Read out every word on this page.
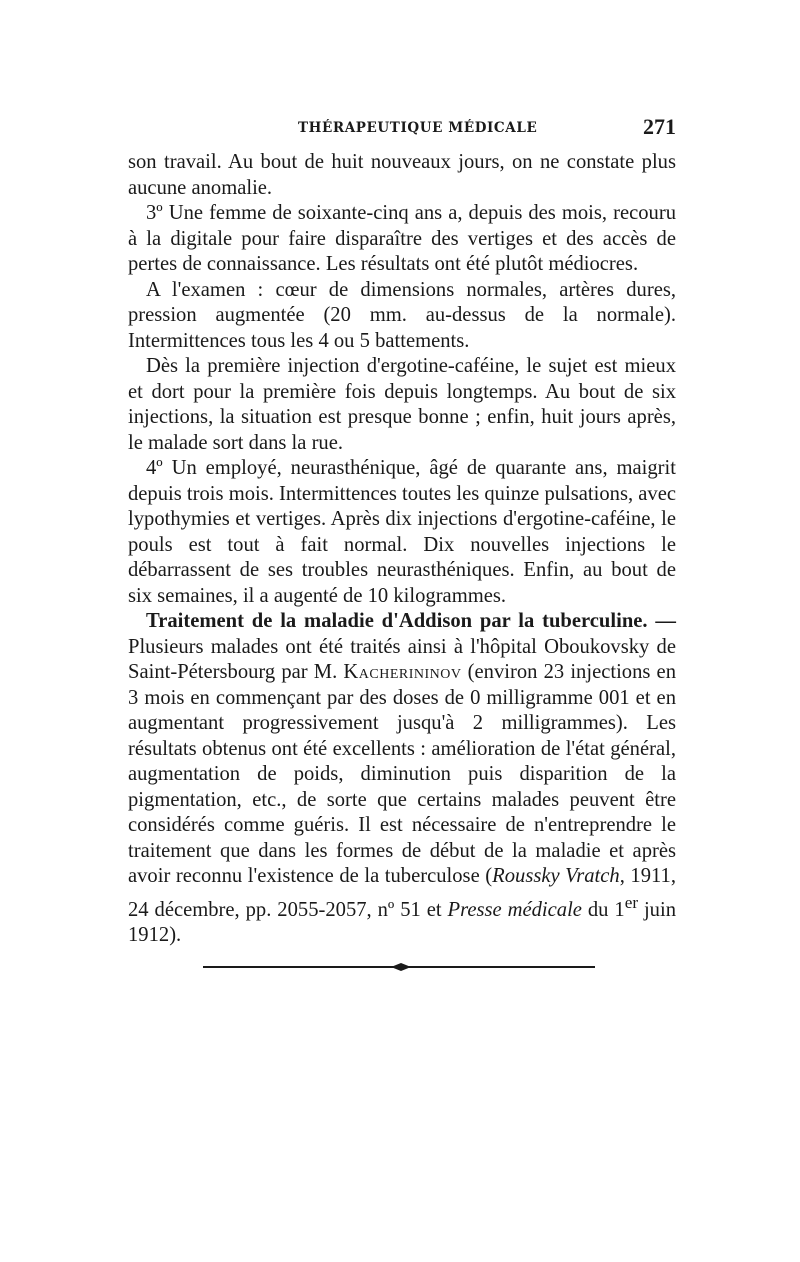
THÉRAPEUTIQUE MÉDICALE	271

son travail. Au bout de huit nouveaux jours, on ne constate plus aucune anomalie.

3º Une femme de soixante-cinq ans a, depuis des mois, recouru à la digitale pour faire disparaître des vertiges et des accès de pertes de connaissance. Les résultats ont été plutôt médiocres.

A l'examen : cœur de dimensions normales, artères dures, pression augmentée (20 mm. au-dessus de la normale). Intermittences tous les 4 ou 5 battements.

Dès la première injection d'ergotine-caféine, le sujet est mieux et dort pour la première fois depuis longtemps. Au bout de six injections, la situation est presque bonne ; enfin, huit jours après, le malade sort dans la rue.

4º Un employé, neurasthénique, âgé de quarante ans, maigrit depuis trois mois. Intermittences toutes les quinze pulsations, avec lypothymies et vertiges. Après dix injections d'ergotine-caféine, le pouls est tout à fait normal. Dix nouvelles injections le débarrassent de ses troubles neurasthéniques. Enfin, au bout de six semaines, il a augenté de 10 kilogrammes.

Traitement de la maladie d'Addison par la tuberculine. — Plusieurs malades ont été traités ainsi à l'hôpital Oboukovsky de Saint-Pétersbourg par M. Kacherininov (environ 23 injections en 3 mois en commençant par des doses de 0 milligramme 001 et en augmentant progressivement jusqu'à 2 milligrammes). Les résultats obtenus ont été excellents : amélioration de l'état général, augmentation de poids, diminution puis disparition de la pigmentation, etc., de sorte que certains malades peuvent être considérés comme guéris. Il est nécessaire de n'entreprendre le traitement que dans les formes de début de la maladie et après avoir reconnu l'existence de la tuberculose (Roussky Vratch, 1911, 24 décembre, pp. 2055-2057, nº 51 et Presse médicale du 1er juin 1912).
